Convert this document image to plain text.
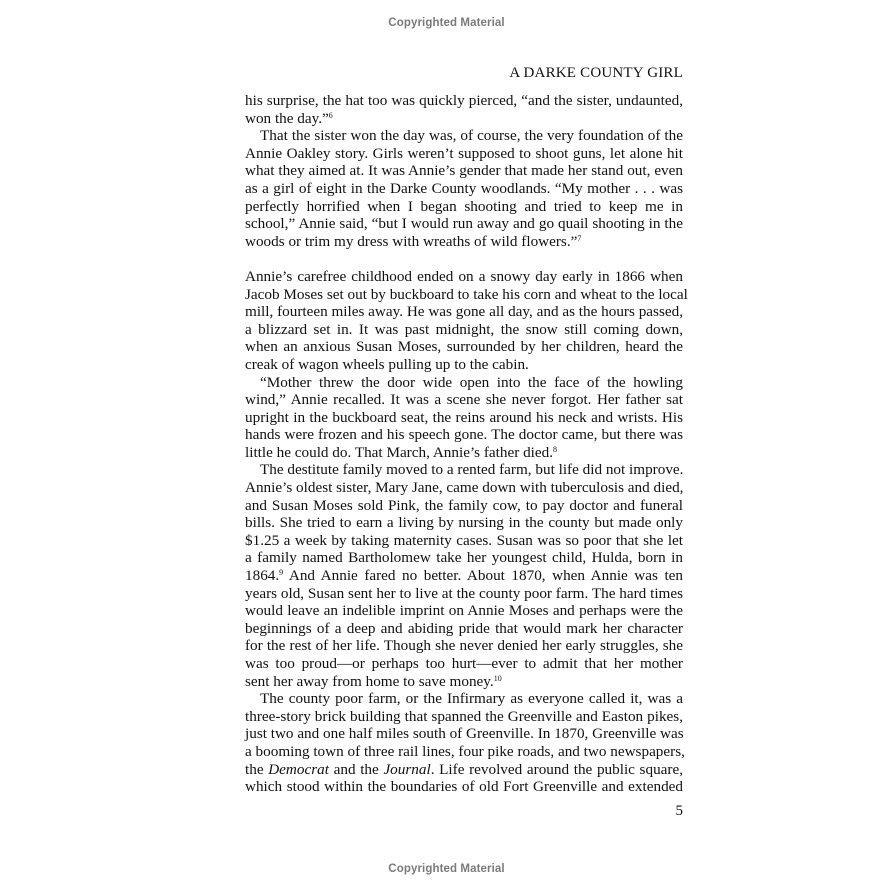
Copyrighted Material
A DARKE COUNTY GIRL
his surprise, the hat too was quickly pierced, “and the sister, undaunted,
won the day.”$^6$
That the sister won the day was, of course, the very foundation of the
Annie Oakley story. Girls weren’t supposed to shoot guns, let alone hit
what they aimed at. It was Annie’s gender that made her stand out, even
as a girl of eight in the Darke County woodlands. “My mother . . . was
perfectly horrified when I began shooting and tried to keep me in
school,” Annie said, “but I would run away and go quail shooting in the
woods or trim my dress with wreaths of wild flowers.”$^7$
Annie’s carefree childhood ended on a snowy day early in 1866 when
Jacob Moses set out by buckboard to take his corn and wheat to the local
mill, fourteen miles away. He was gone all day, and as the hours passed,
a blizzard set in. It was past midnight, the snow still coming down,
when an anxious Susan Moses, surrounded by her children, heard the
creak of wagon wheels pulling up to the cabin.
“Mother threw the door wide open into the face of the howling
wind,” Annie recalled. It was a scene she never forgot. Her father sat
upright in the buckboard seat, the reins around his neck and wrists. His
hands were frozen and his speech gone. The doctor came, but there was
little he could do. That March, Annie’s father died.$^8$
The destitute family moved to a rented farm, but life did not improve.
Annie’s oldest sister, Mary Jane, came down with tuberculosis and died,
and Susan Moses sold Pink, the family cow, to pay doctor and funeral
bills. She tried to earn a living by nursing in the county but made only
$1.25 a week by taking maternity cases. Susan was so poor that she let
a family named Bartholomew take her youngest child, Hulda, born in
1864.$^9$ And Annie fared no better. About 1870, when Annie was ten
years old, Susan sent her to live at the county poor farm. The hard times
would leave an indelible imprint on Annie Moses and perhaps were the
beginnings of a deep and abiding pride that would mark her character
for the rest of her life. Though she never denied her early struggles, she
was too proud—or perhaps too hurt—ever to admit that her mother
sent her away from home to save money.$^{10}$
The county poor farm, or the Infirmary as everyone called it, was a
three-story brick building that spanned the Greenville and Easton pikes,
just two and one half miles south of Greenville. In 1870, Greenville was
a booming town of three rail lines, four pike roads, and two newspapers,
the Democrat and the Journal. Life revolved around the public square,
which stood within the boundaries of old Fort Greenville and extended
5
Copyrighted Material
